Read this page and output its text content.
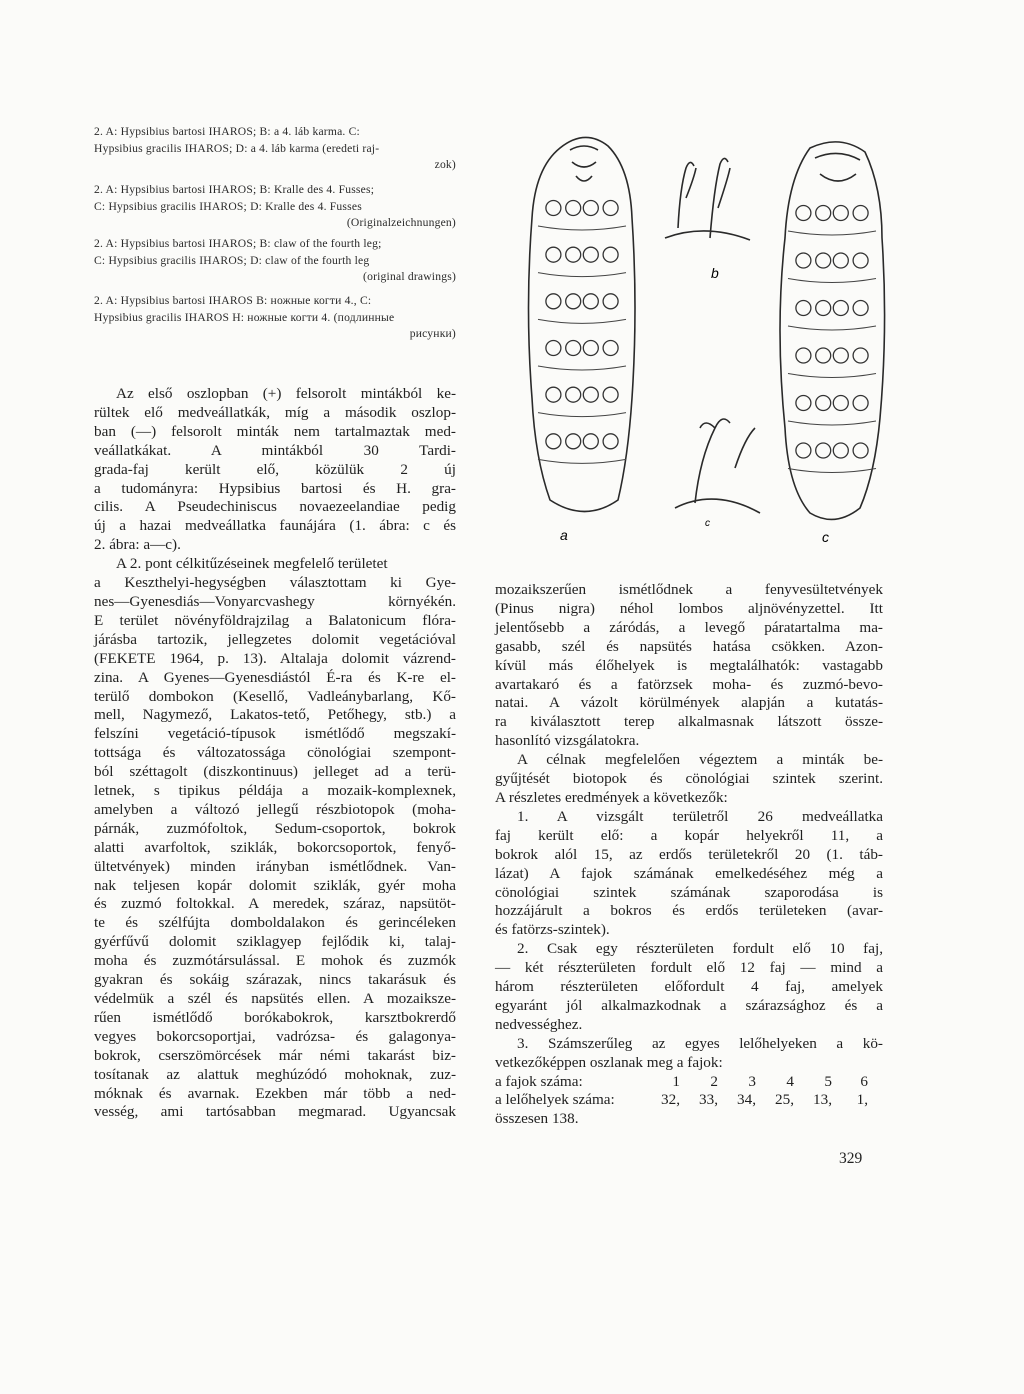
2. A: Hypsibius bartosi IHAROS; B: a 4. láb karma. C:
Hypsibius gracilis IHAROS; D: a 4. láb karma (eredeti raj-
zok)
2. A: Hypsibius bartosi IHAROS; B: Kralle des 4. Fusses;
C: Hypsibius gracilis IHAROS; D: Kralle des 4. Fusses
(Originalzeichnungen)
2. A: Hypsibius bartosi IHAROS; B: claw of the fourth leg;
C: Hypsibius gracilis IHAROS; D: claw of the fourth leg
(original drawings)
2. A: Hypsibius bartosi IHAROS B: ножные когти 4., C:
Hypsibius gracilis IHAROS H: ножные когти 4. (подлинные
рисунки)
a
b
c
c
Az első oszlopban (+) felsorolt mintákból ke-
rültek elő medveállatkák, míg a második oszlop-
ban (—) felsorolt minták nem tartalmaztak med-
veállatkákat. A mintákból 30 Tardi-
grada-faj került elő, közülük 2 új
a tudományra: Hypsibius bartosi és H. gra-
cilis. A Pseudechiniscus novaezeelandiae pedig
új a hazai medveállatka faunájára (1. ábra: c és
2. ábra: a—c).
A 2. pont célkitűzéseinek megfelelő területet
a Keszthelyi-hegységben választottam ki Gye-
nes—Gyenesdiás—Vonyarcvashegy környékén.
E terület növényföldrajzilag a Balatonicum flóra-
járásba tartozik, jellegzetes dolomit vegetációval
(FEKETE 1964, p. 13). Altalaja dolomit vázrend-
zina. A Gyenes—Gyenesdiástól É-ra és K-re el-
terülő dombokon (Kesellő, Vadleánybarlang, Kő-
mell, Nagymező, Lakatos-tető, Petőhegy, stb.) a
felszíni vegetáció-típusok ismétlődő megszakí-
tottsága és változatossága cönológiai szempont-
ból széttagolt (diszkontinuus) jelleget ad a terü-
letnek, s tipikus példája a mozaik-komplexnek,
amelyben a változó jellegű részbiotopok (moha-
párnák, zuzmófoltok, Sedum-csoportok, bokrok
alatti avarfoltok, sziklák, bokorcsoportok, fenyő-
ültetvények) minden irányban ismétlődnek. Van-
nak teljesen kopár dolomit sziklák, gyér moha
és zuzmó foltokkal. A meredek, száraz, napsütöt-
te és szélfújta domboldalakon és gerincéleken
gyérfűvű dolomit sziklagyep fejlődik ki, talaj-
moha és zuzmótársulással. E mohok és zuzmók
gyakran és sokáig szárazak, nincs takarásuk és
védelmük a szél és napsütés ellen. A mozaiksze-
rűen ismétlődő borókabokrok, karsztbokrerdő
vegyes bokorcsoportjai, vadrózsa- és galagonya-
bokrok, cserszömörcések már némi takarást biz-
tosítanak az alattuk meghúzódó mohoknak, zuz-
móknak és avarnak. Ezekben már több a ned-
vesség, ami tartósabban megmarad. Ugyancsak
mozaikszerűen ismétlődnek a fenyvesültetvények
(Pinus nigra) néhol lombos aljnövényzettel. Itt
jelentősebb a záródás, a levegő páratartalma ma-
gasabb, szél és napsütés hatása csökken. Azon-
kívül más élőhelyek is megtalálhatók: vastagabb
avartakaró és a fatörzsek moha- és zuzmó-bevo-
natai. A vázolt körülmények alapján a kutatás-
ra kiválasztott terep alkalmasnak látszott össze-
hasonlító vizsgálatokra.
A célnak megfelelően végeztem a minták be-
gyűjtését biotopok és cönológiai szintek szerint.
A részletes eredmények a következők:
1. A vizsgált területről 26 medveállatka
faj került elő: a kopár helyekről 11, a
bokrok alól 15, az erdős területekről 20 (1. táb-
lázat) A fajok számának emelkedéséhez még a
cönológiai szintek számának szaporodása is
hozzájárult a bokros és erdős területeken (avar-
és fatörzs-szintek).
2. Csak egy részterületen fordult elő 10 faj,
— két részterületen fordult elő 12 faj — mind a
három részterületen előfordult 4 faj, amelyek
egyaránt jól alkalmazkodnak a szárazsághoz és a
nedvességhez.
3. Számszerűleg az egyes lelőhelyeken a kö-
vetkezőképpen oszlanak meg a fajok:
a fajok száma:	1	2	3	4	5	6
a lelőhelyek száma:	32,	33,	34,	25,	13,	1,
összesen 138.
329
